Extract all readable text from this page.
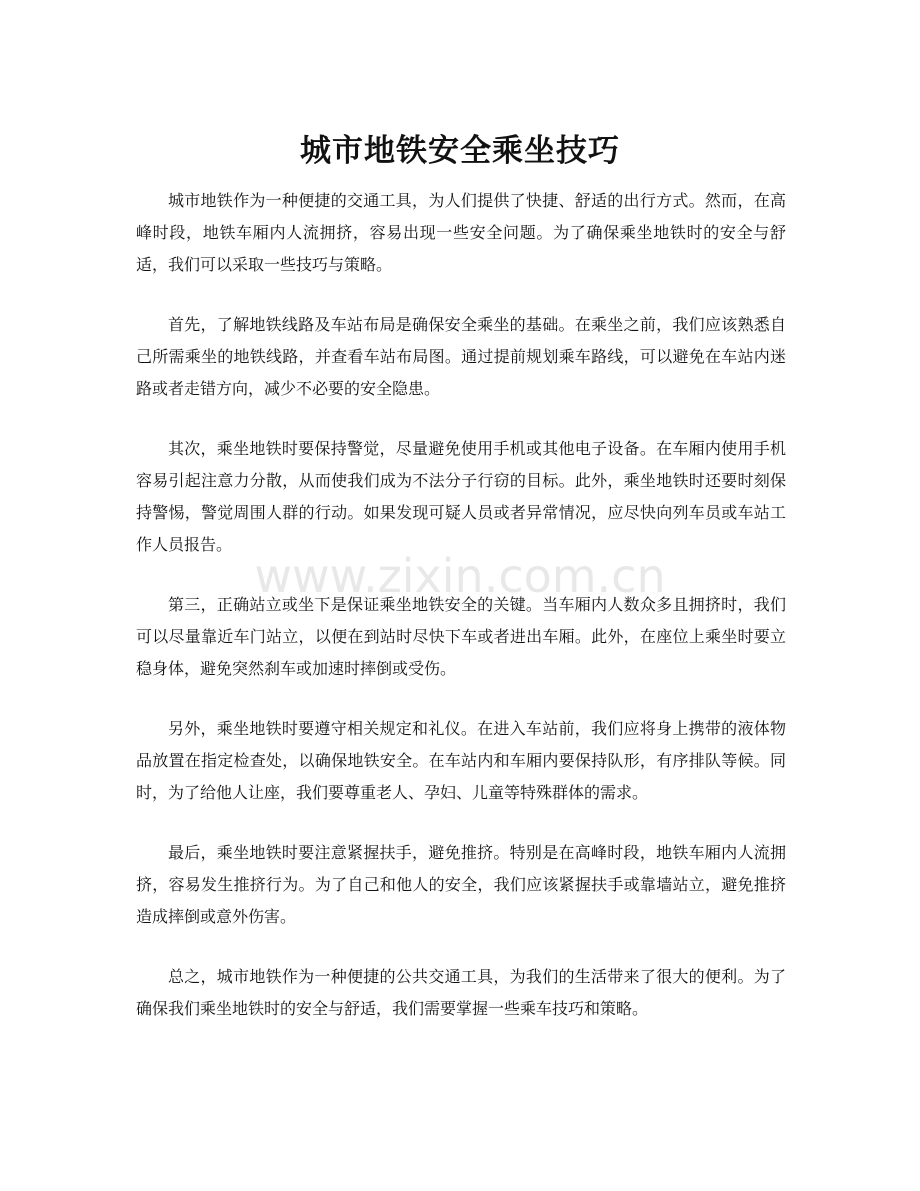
www.zixin.com.cn
城市地铁安全乘坐技巧

城市地铁作为一种便捷的交通工具，为人们提供了快捷、舒适的出行方式。然而，在高峰时段，地铁车厢内人流拥挤，容易出现一些安全问题。为了确保乘坐地铁时的安全与舒适，我们可以采取一些技巧与策略。

首先，了解地铁线路及车站布局是确保安全乘坐的基础。在乘坐之前，我们应该熟悉自己所需乘坐的地铁线路，并查看车站布局图。通过提前规划乘车路线，可以避免在车站内迷路或者走错方向，减少不必要的安全隐患。

其次，乘坐地铁时要保持警觉，尽量避免使用手机或其他电子设备。在车厢内使用手机容易引起注意力分散，从而使我们成为不法分子行窃的目标。此外，乘坐地铁时还要时刻保持警惕，警觉周围人群的行动。如果发现可疑人员或者异常情况，应尽快向列车员或车站工作人员报告。

第三，正确站立或坐下是保证乘坐地铁安全的关键。当车厢内人数众多且拥挤时，我们可以尽量靠近车门站立，以便在到站时尽快下车或者进出车厢。此外，在座位上乘坐时要立稳身体，避免突然刹车或加速时摔倒或受伤。

另外，乘坐地铁时要遵守相关规定和礼仪。在进入车站前，我们应将身上携带的液体物品放置在指定检查处，以确保地铁安全。在车站内和车厢内要保持队形，有序排队等候。同时，为了给他人让座，我们要尊重老人、孕妇、儿童等特殊群体的需求。

最后，乘坐地铁时要注意紧握扶手，避免推挤。特别是在高峰时段，地铁车厢内人流拥挤，容易发生推挤行为。为了自己和他人的安全，我们应该紧握扶手或靠墙站立，避免推挤造成摔倒或意外伤害。

总之，城市地铁作为一种便捷的公共交通工具，为我们的生活带来了很大的便利。为了确保我们乘坐地铁时的安全与舒适，我们需要掌握一些乘车技巧和策略。
